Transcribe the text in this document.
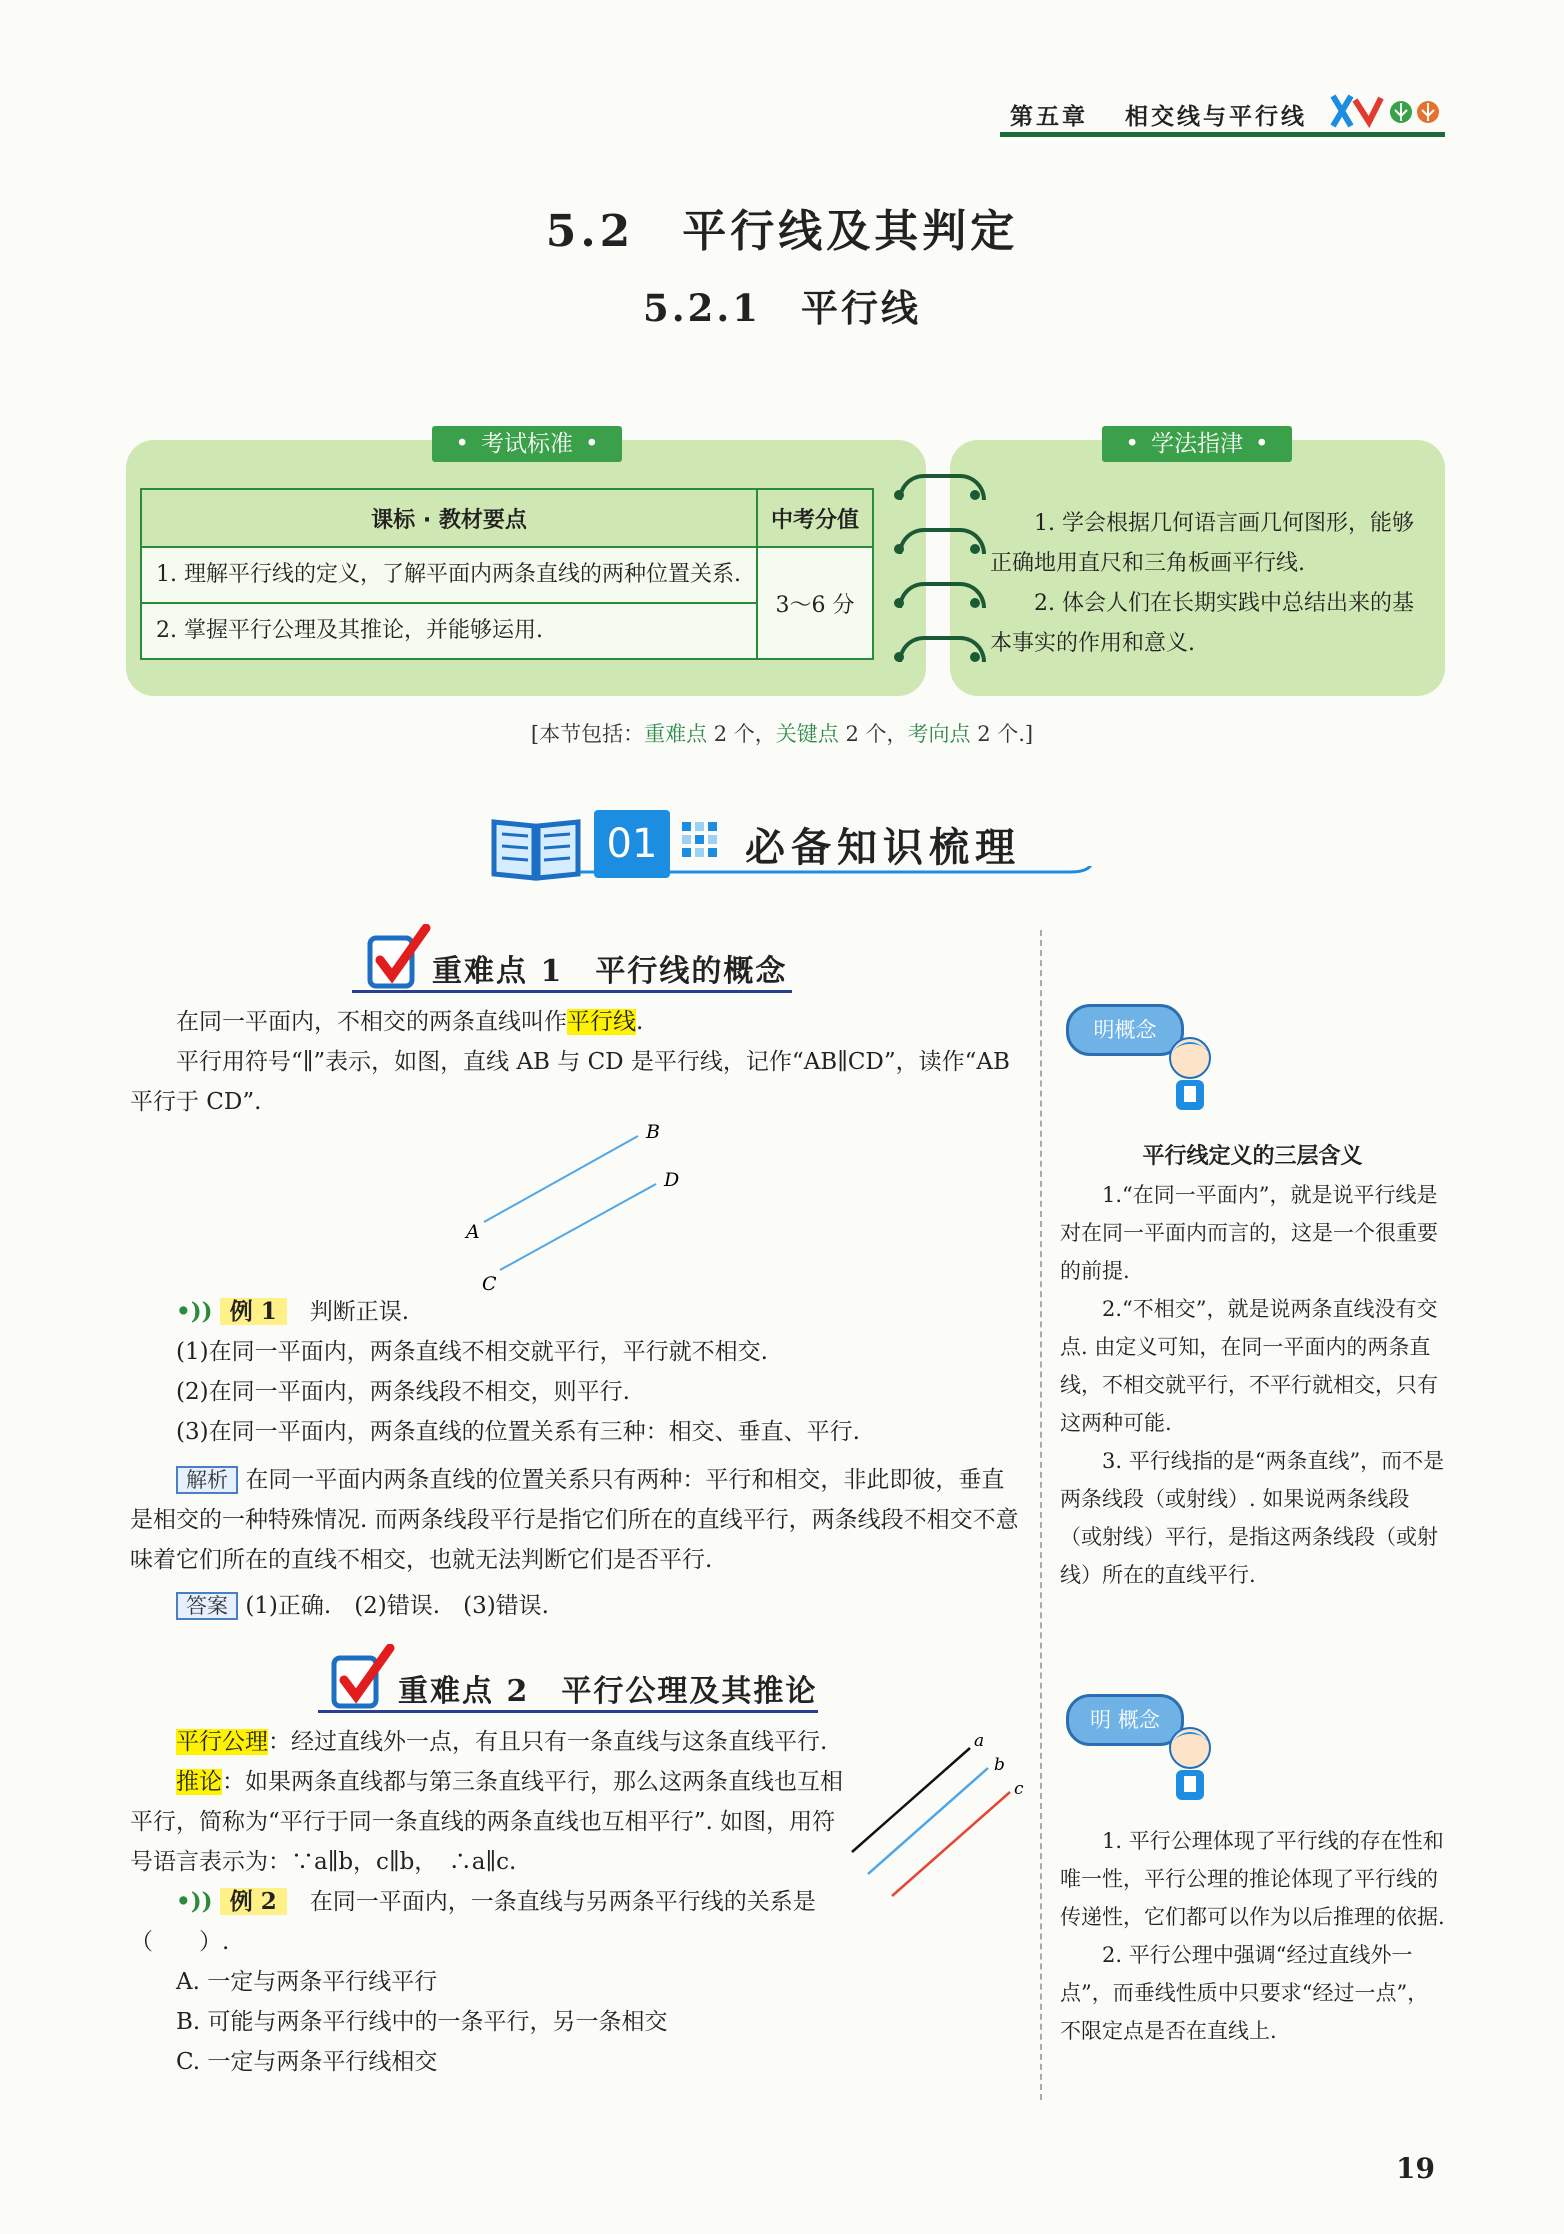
第五章　 相交线与平行线
5.2　平行线及其判定
5.2.1　平行线
• 考试标准 •	• 学法指津 •
课标 · 教材要点	中考分值
1. 理解平行线的定义，了解平面内两条直线的两种位置关系.	3～6 分
2. 掌握平行公理及其推论，并能够运用.	

1. 学会根据几何语言画几何图形，能够正确地用直尺和三角板画平行线.

2. 体会人们在长期实践中总结出来的基本事实的作用和意义.

[本节包括：重难点 2 个，关键点 2 个，考向点 2 个.]
01	必备知识梳理
重难点 1　平行线的概念

在同一平面内，不相交的两条直线叫作平行线.

平行用符号“∥”表示，如图，直线 AB 与 CD 是平行线，记作“AB∥CD”，读作“AB 平行于 CD”.

A
B
C
D

•)) 例 1　 判断正误.

(1)在同一平面内，两条直线不相交就平行，平行就不相交.

(2)在同一平面内，两条线段不相交，则平行.

(3)在同一平面内，两条直线的位置关系有三种：相交、垂直、平行.

解析 在同一平面内两条直线的位置关系只有两种：平行和相交，非此即彼，垂直是相交的一种特殊情况. 而两条线段平行是指它们所在的直线平行，两条线段不相交不意味着它们所在的直线不相交，也就无法判断它们是否平行.

答案 (1)正确.　(2)错误.　(3)错误.

重难点 2　平行公理及其推论

平行公理：经过直线外一点，有且只有一条直线与这条直线平行.

推论：如果两条直线都与第三条直线平行，那么这两条直线也互相平行，简称为“平行于同一条直线的两条直线也互相平行”. 如图，用符号语言表示为：∵a∥b，c∥b，　∴a∥c.

•)) 例 2　 在同一平面内，一条直线与另两条平行线的关系是（　　）.

A. 一定与两条平行线平行

B. 可能与两条平行线中的一条平行，另一条相交

C. 一定与两条平行线相交

a
b
c
明概念
平行线定义的三层含义

1.“在同一平面内”，就是说平行线是对在同一平面内而言的，这是一个很重要的前提.

2.“不相交”，就是说两条直线没有交点. 由定义可知，在同一平面内的两条直线，不相交就平行，不平行就相交，只有这两种可能.

3. 平行线指的是“两条直线”，而不是两条线段（或射线）. 如果说两条线段（或射线）平行，是指这两条线段（或射线）所在的直线平行.

明 概念

1. 平行公理体现了平行线的存在性和唯一性，平行公理的推论体现了平行线的传递性，它们都可以作为以后推理的依据.

2. 平行公理中强调“经过直线外一点”，而垂线性质中只要求“经过一点”，不限定点是否在直线上.

19
